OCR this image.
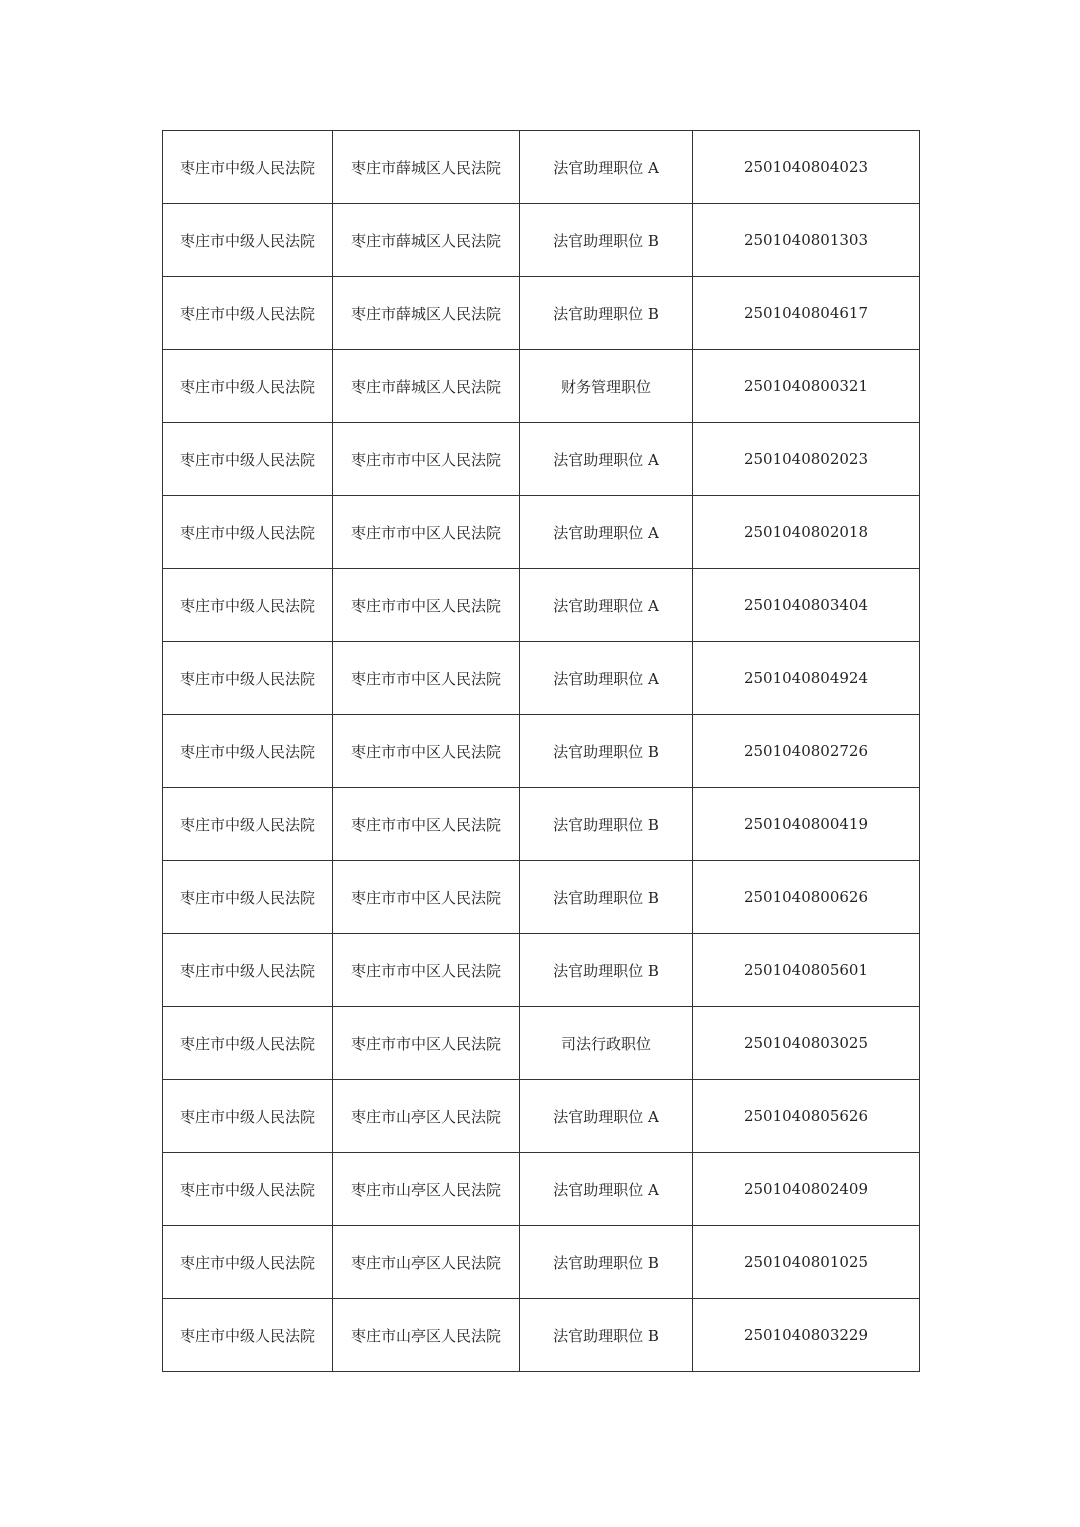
枣庄市中级人民法院	枣庄市薛城区人民法院	法官助理职位 A	2501040804023
枣庄市中级人民法院	枣庄市薛城区人民法院	法官助理职位 B	2501040801303
枣庄市中级人民法院	枣庄市薛城区人民法院	法官助理职位 B	2501040804617
枣庄市中级人民法院	枣庄市薛城区人民法院	财务管理职位	2501040800321
枣庄市中级人民法院	枣庄市市中区人民法院	法官助理职位 A	2501040802023
枣庄市中级人民法院	枣庄市市中区人民法院	法官助理职位 A	2501040802018
枣庄市中级人民法院	枣庄市市中区人民法院	法官助理职位 A	2501040803404
枣庄市中级人民法院	枣庄市市中区人民法院	法官助理职位 A	2501040804924
枣庄市中级人民法院	枣庄市市中区人民法院	法官助理职位 B	2501040802726
枣庄市中级人民法院	枣庄市市中区人民法院	法官助理职位 B	2501040800419
枣庄市中级人民法院	枣庄市市中区人民法院	法官助理职位 B	2501040800626
枣庄市中级人民法院	枣庄市市中区人民法院	法官助理职位 B	2501040805601
枣庄市中级人民法院	枣庄市市中区人民法院	司法行政职位	2501040803025
枣庄市中级人民法院	枣庄市山亭区人民法院	法官助理职位 A	2501040805626
枣庄市中级人民法院	枣庄市山亭区人民法院	法官助理职位 A	2501040802409
枣庄市中级人民法院	枣庄市山亭区人民法院	法官助理职位 B	2501040801025
枣庄市中级人民法院	枣庄市山亭区人民法院	法官助理职位 B	2501040803229
